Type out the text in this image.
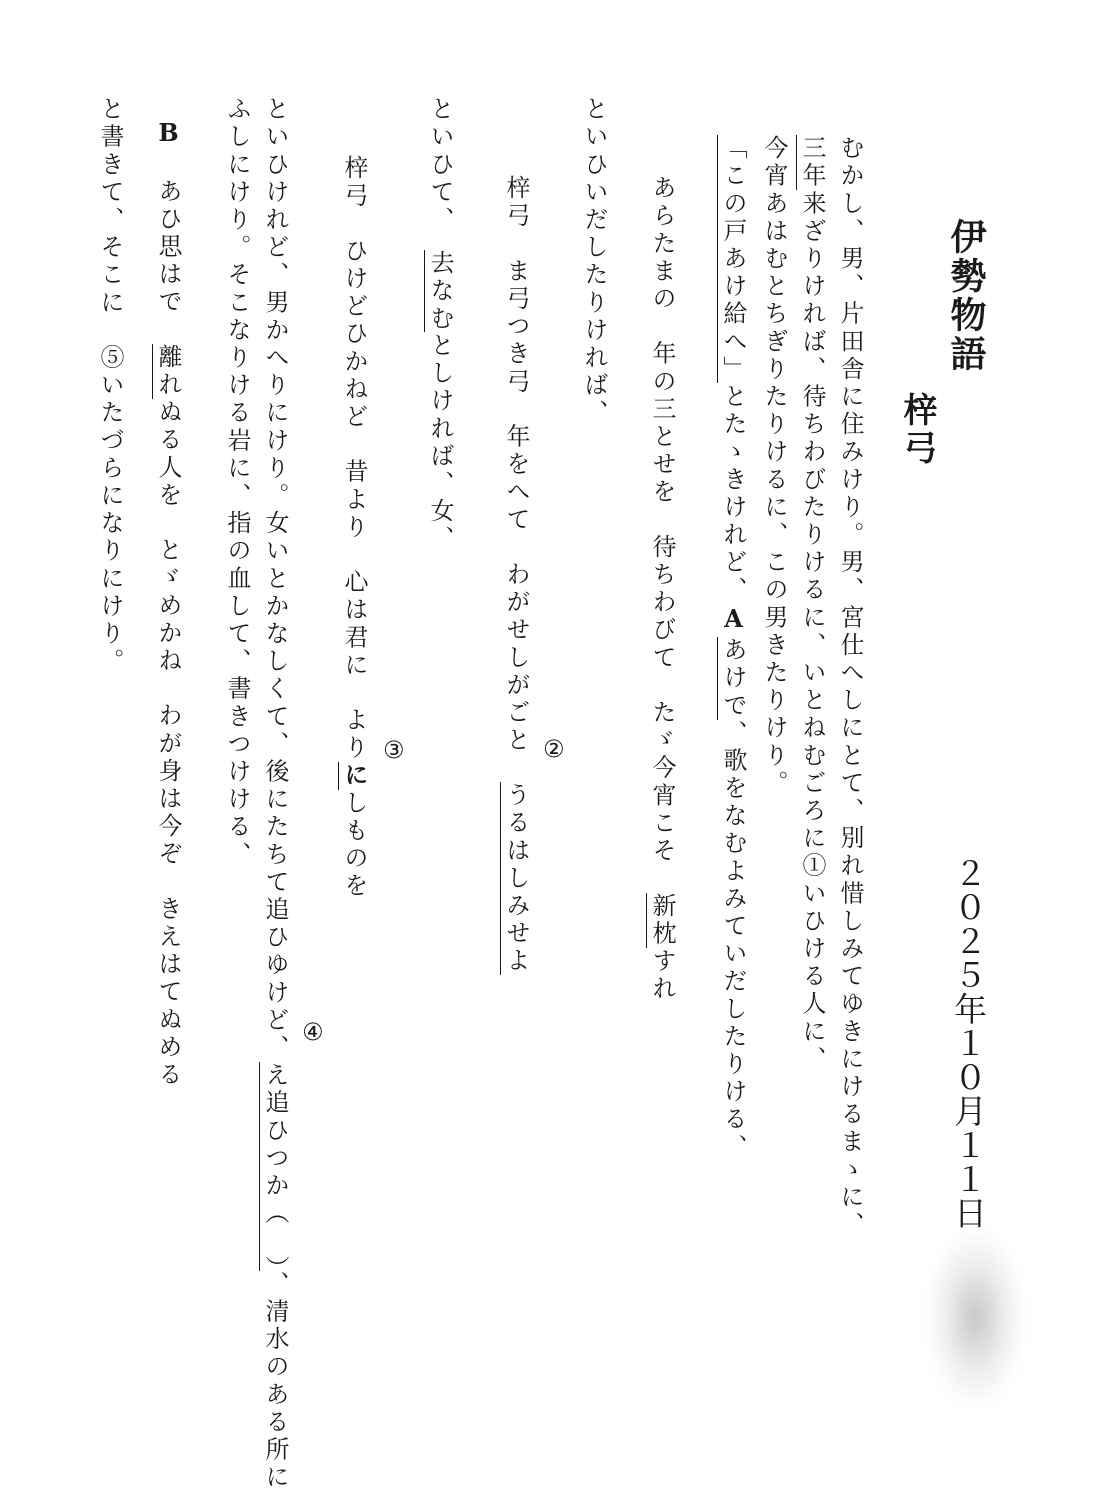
伊勢物語
梓弓
２０２５年１０月１１日
むかし、男、片田舎に住みけり。男、宮仕へしにとて、別れ惜しみてゆきにけるまゝに、
三年来ざりければ、待ちわびたりけるに、いとねむごろに①いひける人に、
今宵あはむとちぎりたりけるに、この男きたりけり。
「この戸あけ給へ」とたゝきけれど、Aあけで、歌をなむよみていだしたりける、
あらたまの　年の三とせを　待ちわびて　たゞ今宵こそ　新枕すれ
といひいだしたりければ、
梓弓　ま弓つき弓　年をへて　わがせしがごと　うるはしみせよ
②
といひて、　去なむとしければ、女、
梓弓　ひけどひかねど　昔より　心は君に　よりにしものを
③
といひけれど、男かへりにけり。女いとかなしくて、後にたちて追ひゆけど、え追ひつか（　）、清水のある所に
④
ふしにけり。そこなりける岩に、指の血して、書きつけける、
B　あひ思はで　離れぬる人を　とゞめかね　わが身は今ぞ　きえはてぬめる
と書きて、そこに　⑤いたづらになりにけり。
